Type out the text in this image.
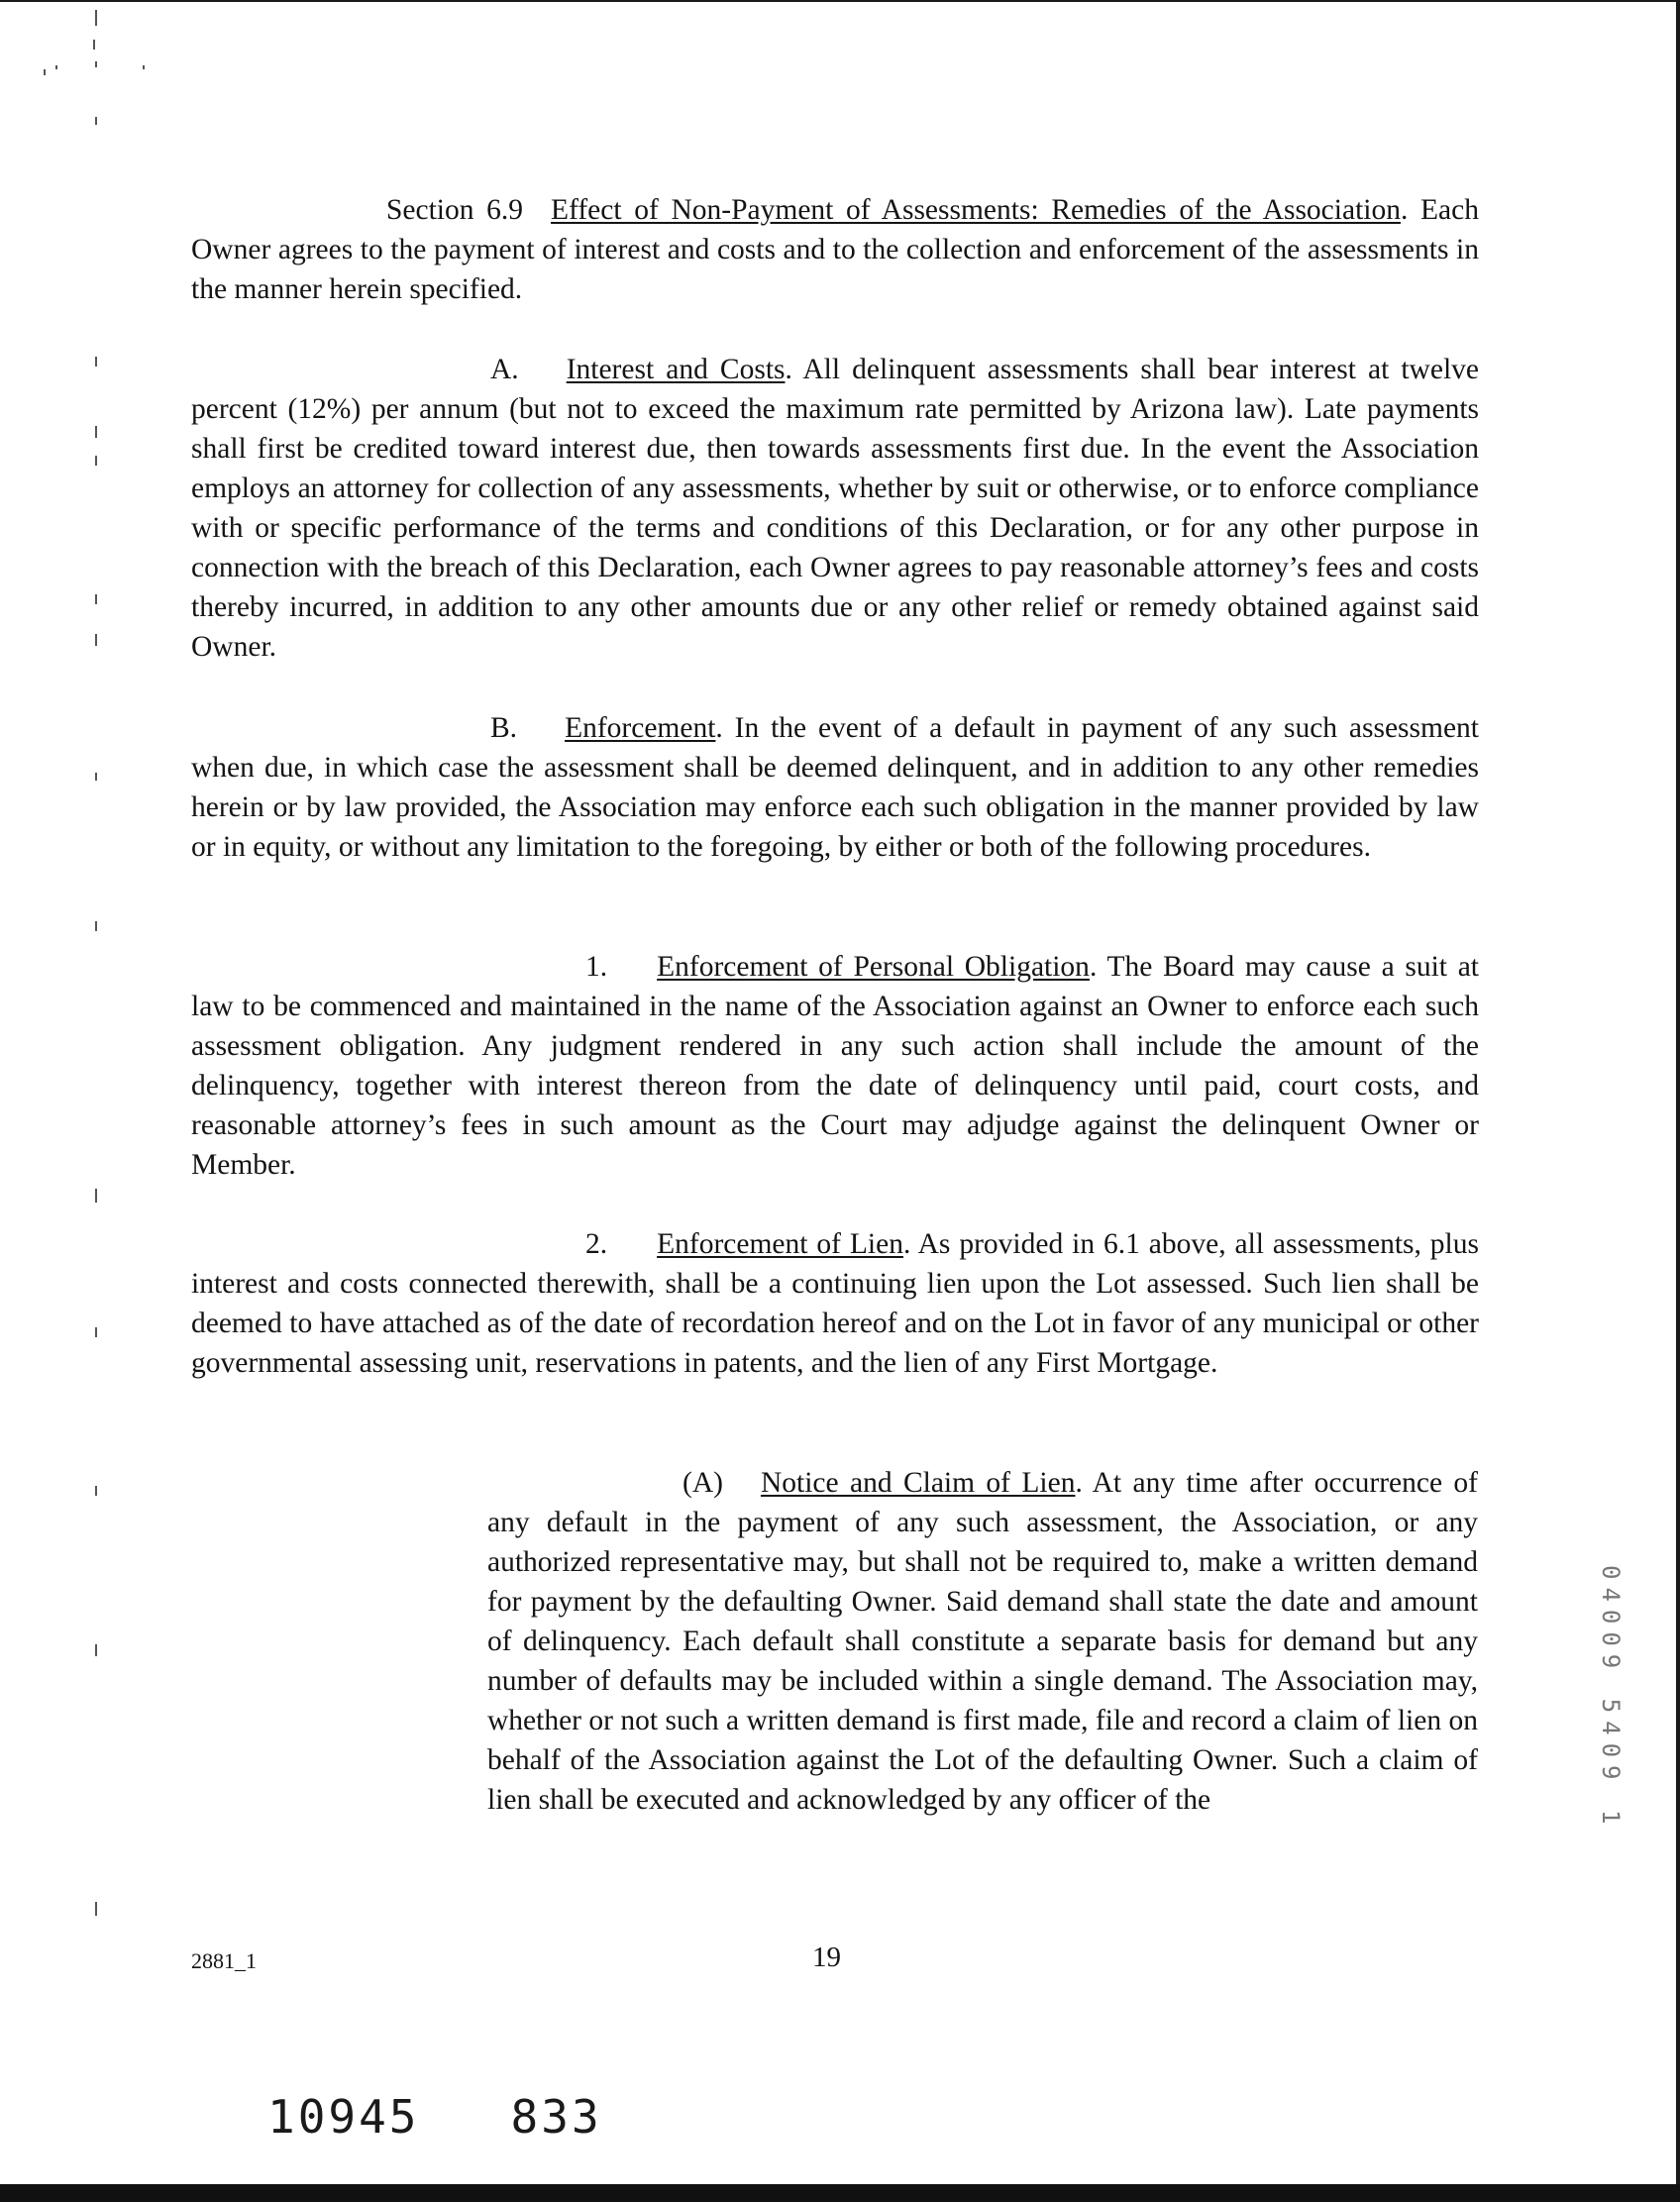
Section 6.9 Effect of Non-Payment of Assessments: Remedies of the Association. Each Owner agrees to the payment of interest and costs and to the collection and enforcement of the assessments in the manner herein specified.

A. Interest and Costs. All delinquent assessments shall bear interest at twelve percent (12%) per annum (but not to exceed the maximum rate permitted by Arizona law). Late payments shall first be credited toward interest due, then towards assessments first due. In the event the Association employs an attorney for collection of any assessments, whether by suit or otherwise, or to enforce compliance with or specific performance of the terms and conditions of this Declaration, or for any other purpose in connection with the breach of this Declaration, each Owner agrees to pay reasonable attorney’s fees and costs thereby incurred, in addition to any other amounts due or any other relief or remedy obtained against said Owner.

B. Enforcement. In the event of a default in payment of any such assessment when due, in which case the assessment shall be deemed delinquent, and in addition to any other remedies herein or by law provided, the Association may enforce each such obligation in the manner provided by law or in equity, or without any limitation to the foregoing, by either or both of the following procedures.

1. Enforcement of Personal Obligation. The Board may cause a suit at law to be commenced and maintained in the name of the Association against an Owner to enforce each such assessment obligation. Any judgment rendered in any such action shall include the amount of the delinquency, together with interest thereon from the date of delinquency until paid, court costs, and reasonable attorney’s fees in such amount as the Court may adjudge against the delinquent Owner or Member.

2. Enforcement of Lien. As provided in 6.1 above, all assessments, plus interest and costs connected therewith, shall be a continuing lien upon the Lot assessed. Such lien shall be deemed to have attached as of the date of recordation hereof and on the Lot in favor of any municipal or other governmental assessing unit, reservations in patents, and the lien of any First Mortgage.

(A) Notice and Claim of Lien. At any time after occurrence of any default in the payment of any such assessment, the Association, or any authorized representative may, but shall not be required to, make a written demand for payment by the defaulting Owner. Said demand shall state the date and amount of delinquency. Each default shall constitute a separate basis for demand but any number of defaults may be included within a single demand. The Association may, whether or not such a written demand is first made, file and record a claim of lien on behalf of the Association against the Lot of the defaulting Owner. Such a claim of lien shall be executed and acknowledged by any officer of the

2881_1	19
10945   833
04009 5409 1
